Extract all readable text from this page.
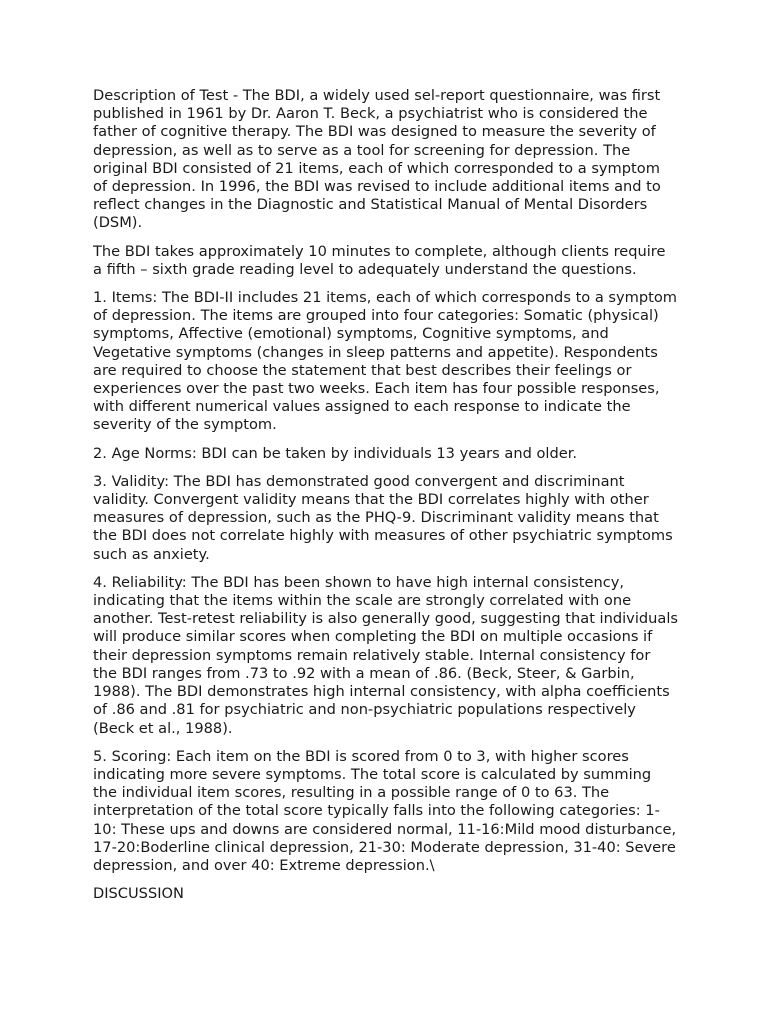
Description of Test - The BDI, a widely used sel-report questionnaire, was first published in 1961 by Dr. Aaron T. Beck, a psychiatrist who is considered the father of cognitive therapy. The BDI was designed to measure the severity of depression, as well as to serve as a tool for screening for depression. The original BDI consisted of 21 items, each of which corresponded to a symptom of depression. In 1996, the BDI was revised to include additional items and to reflect changes in the Diagnostic and Statistical Manual of Mental Disorders (DSM).

The BDI takes approximately 10 minutes to complete, although clients require a fifth – sixth grade reading level to adequately understand the questions.

1. Items: The BDI-II includes 21 items, each of which corresponds to a symptom of depression. The items are grouped into four categories: Somatic (physical) symptoms, Affective (emotional) symptoms, Cognitive symptoms, and Vegetative symptoms (changes in sleep patterns and appetite). Respondents are required to choose the statement that best describes their feelings or experiences over the past two weeks. Each item has four possible responses, with different numerical values assigned to each response to indicate the severity of the symptom.

2. Age Norms: BDI can be taken by individuals 13 years and older.

3. Validity: The BDI has demonstrated good convergent and discriminant validity. Convergent validity means that the BDI correlates highly with other measures of depression, such as the PHQ-9. Discriminant validity means that the BDI does not correlate highly with measures of other psychiatric symptoms such as anxiety.

4. Reliability: The BDI has been shown to have high internal consistency, indicating that the items within the scale are strongly correlated with one another. Test-retest reliability is also generally good, suggesting that individuals will produce similar scores when completing the BDI on multiple occasions if their depression symptoms remain relatively stable. Internal consistency for the BDI ranges from .73 to .92 with a mean of .86. (Beck, Steer, & Garbin, 1988). The BDI demonstrates high internal consistency, with alpha coefficients of .86 and .81 for psychiatric and non-psychiatric populations respectively (Beck et al., 1988).

5. Scoring: Each item on the BDI is scored from 0 to 3, with higher scores indicating more severe symptoms. The total score is calculated by summing the individual item scores, resulting in a possible range of 0 to 63. The interpretation of the total score typically falls into the following categories: 1-10: These ups and downs are considered normal, 11-16:Mild mood disturbance, 17-20:Boderline clinical depression, 21-30: Moderate depression, 31-40: Severe depression, and over 40: Extreme depression.\

DISCUSSION
